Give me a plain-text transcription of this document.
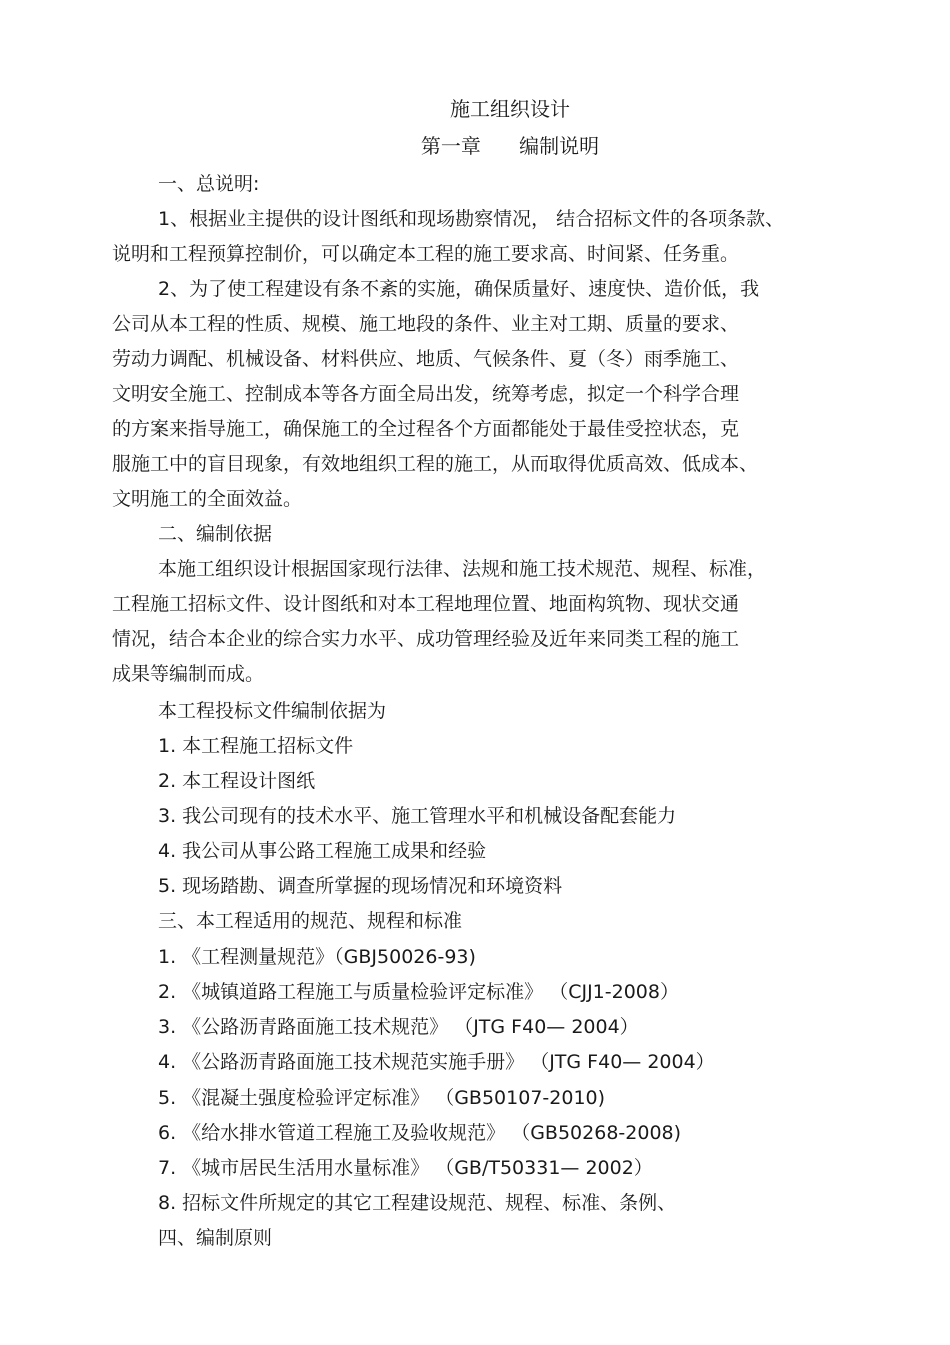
施工组织设计
第一章      编制说明
一、总说明:
1、根据业主提供的设计图纸和现场勘察情况， 结合招标文件的各项条款、
说明和工程预算控制价，可以确定本工程的施工要求高、时间紧、任务重。
2、为了使工程建设有条不紊的实施，确保质量好、速度快、造价低，我
公司从本工程的性质、规模、施工地段的条件、业主对工期、质量的要求、
劳动力调配、机械设备、材料供应、地质、气候条件、夏（冬）雨季施工、
文明安全施工、控制成本等各方面全局出发，统筹考虑，拟定一个科学合理
的方案来指导施工，确保施工的全过程各个方面都能处于最佳受控状态，克
服施工中的盲目现象，有效地组织工程的施工，从而取得优质高效、低成本、
文明施工的全面效益。
二、编制依据
本施工组织设计根据国家现行法律、法规和施工技术规范、规程、标准，
工程施工招标文件、设计图纸和对本工程地理位置、地面构筑物、现状交通
情况，结合本企业的综合实力水平、成功管理经验及近年来同类工程的施工
成果等编制而成。
本工程投标文件编制依据为
1. 本工程施工招标文件
2. 本工程设计图纸
3. 我公司现有的技术水平、施工管理水平和机械设备配套能力
4. 我公司从事公路工程施工成果和经验
5. 现场踏勘、调查所掌握的现场情况和环境资料
三、本工程适用的规范、规程和标准
1. 《工程测量规范》（GBJ50026-93)
2. 《城镇道路工程施工与质量检验评定标准》 （CJJ1-2008）
3. 《公路沥青路面施工技术规范》 （JTG F40— 2004）
4. 《公路沥青路面施工技术规范实施手册》 （JTG F40— 2004）
5. 《混凝土强度检验评定标准》 （GB50107-2010)
6. 《给水排水管道工程施工及验收规范》 （GB50268-2008)
7. 《城市居民生活用水量标准》 （GB/T50331— 2002）
8. 招标文件所规定的其它工程建设规范、规程、标准、条例、
四、编制原则
